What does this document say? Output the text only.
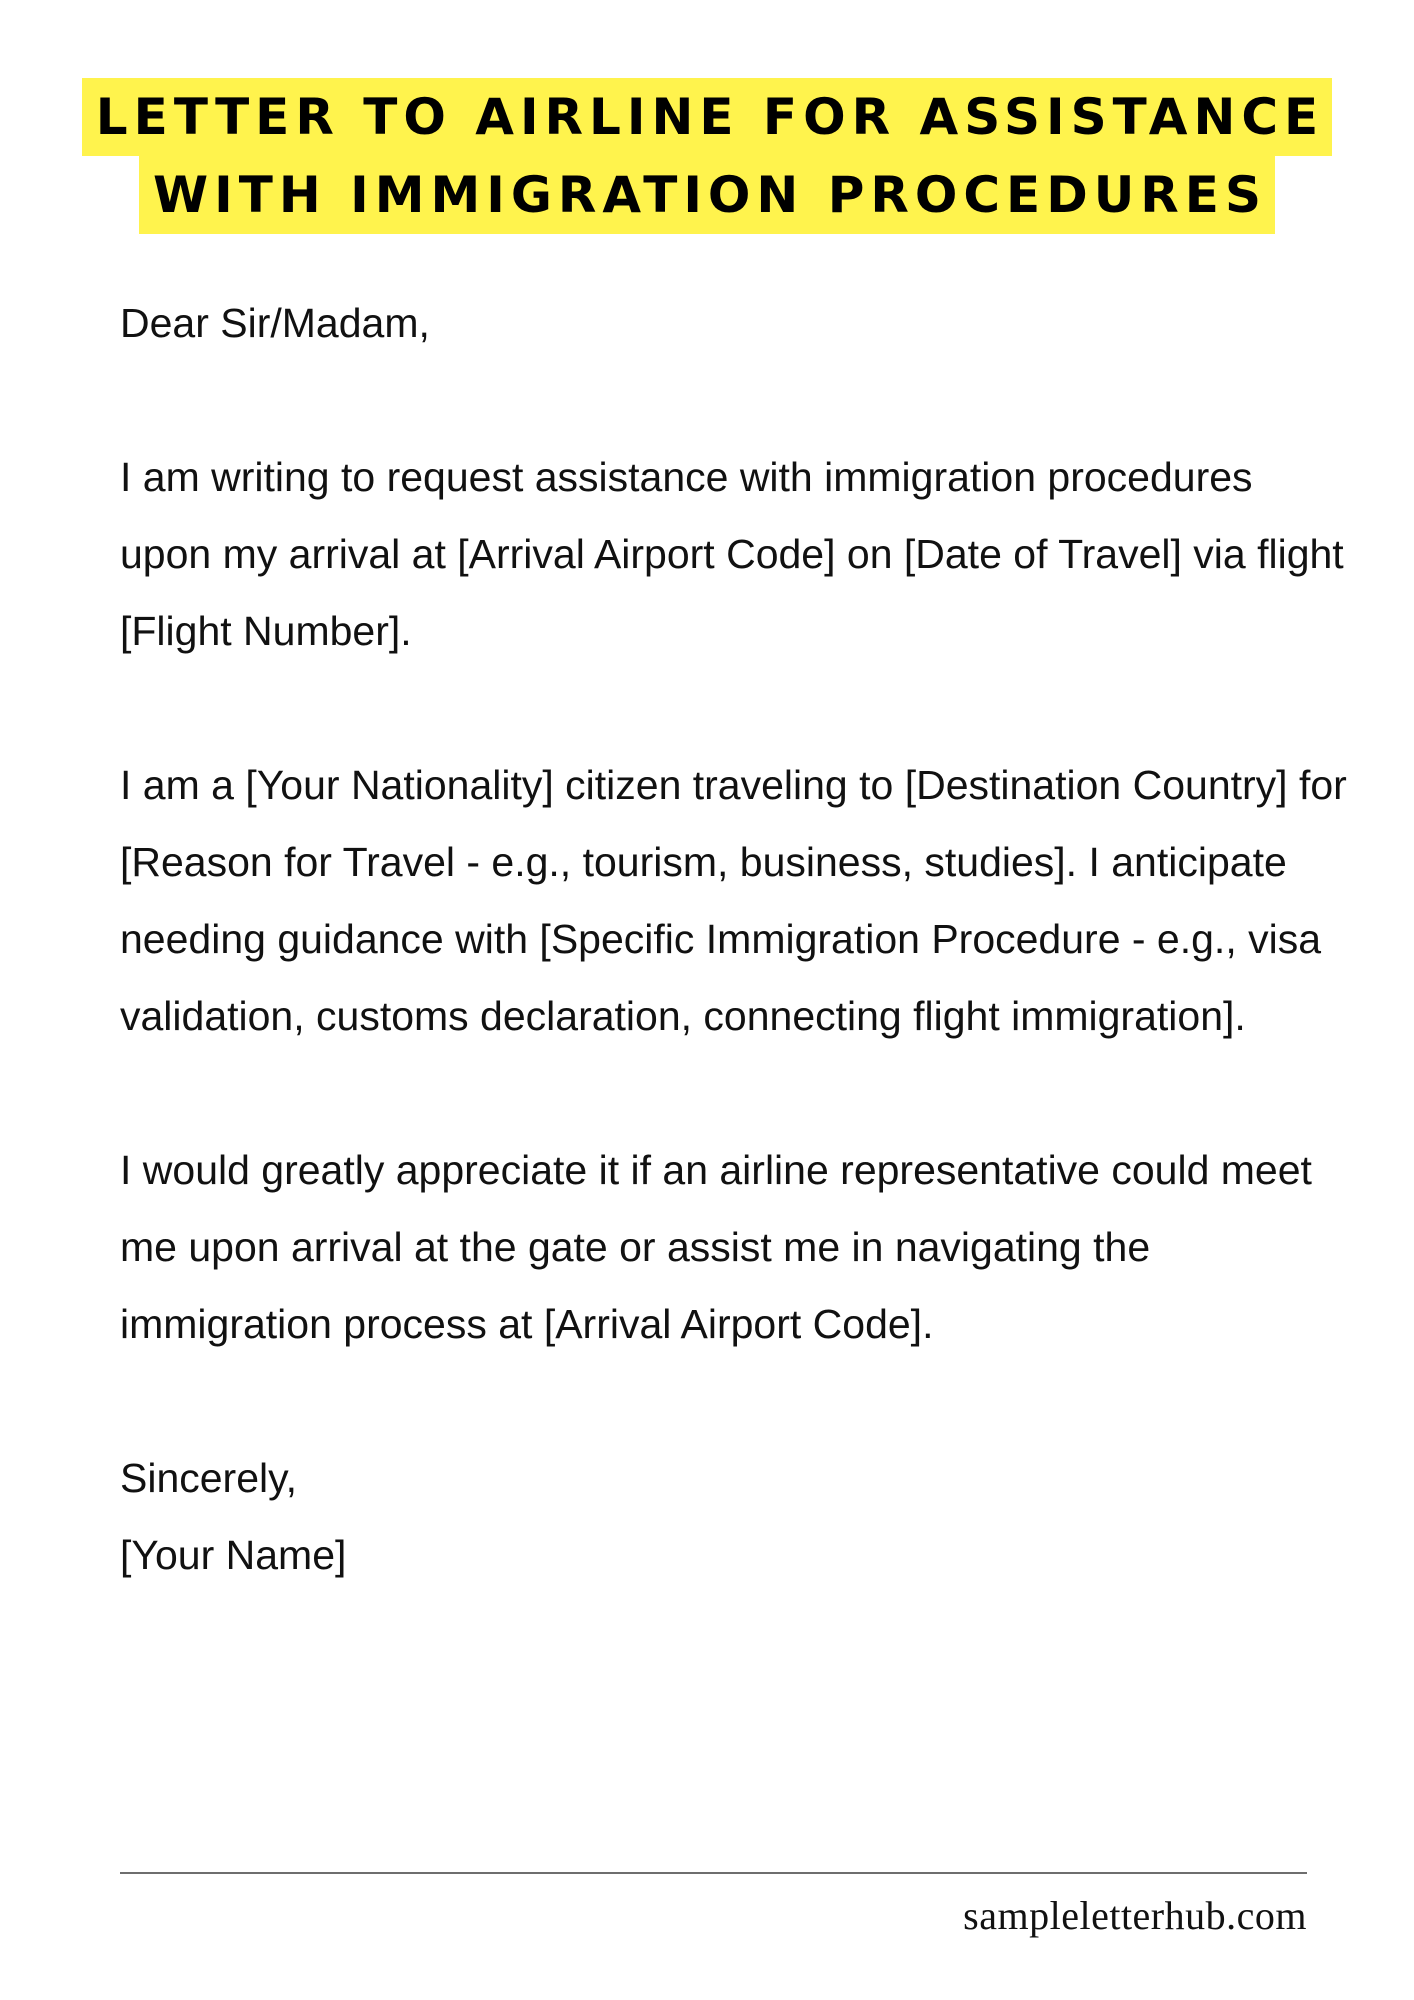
LETTER TO AIRLINE FOR ASSISTANCE
WITH IMMIGRATION PROCEDURES

Dear Sir/Madam,

I am writing to request assistance with immigration procedures upon my arrival at [Arrival Airport Code] on [Date of Travel] via flight [Flight Number].

I am a [Your Nationality] citizen traveling to [Destination Country] for [Reason for Travel - e.g., tourism, business, studies]. I anticipate needing guidance with [Specific Immigration Procedure - e.g., visa validation, customs declaration, connecting flight immigration].

I would greatly appreciate it if an airline representative could meet me upon arrival at the gate or assist me in navigating the immigration process at [Arrival Airport Code].

Sincerely,

[Your Name]

sampleletterhub.com
